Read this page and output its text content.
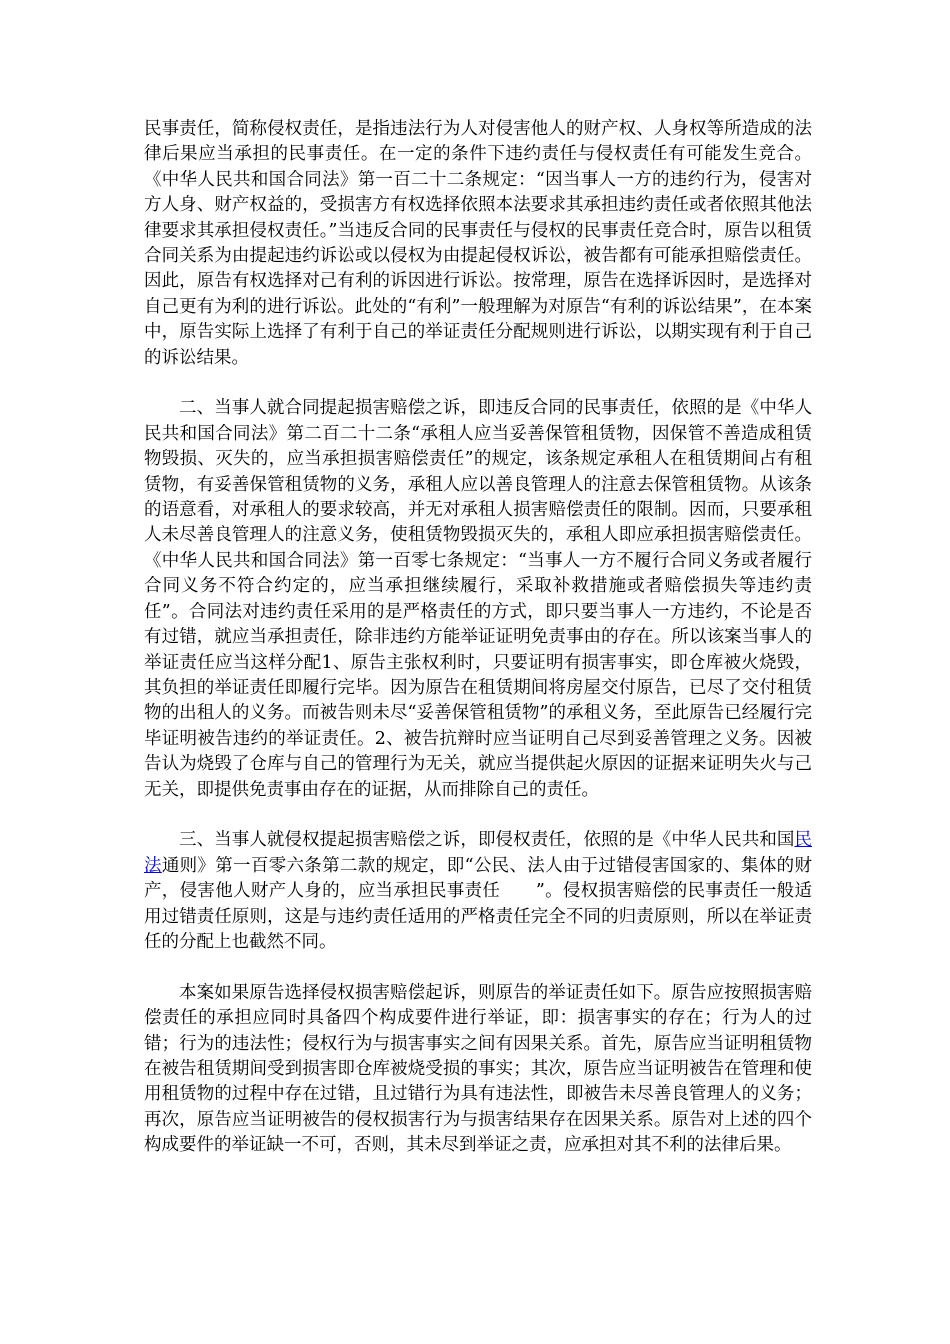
民事责任，简称侵权责任，是指违法行为人对侵害他人的财产权、人身权等所造成的法律后果应当承担的民事责任。在一定的条件下违约责任与侵权责任有可能发生竞合。《中华人民共和国合同法》第一百二十二条规定：“因当事人一方的违约行为，侵害对方人身、财产权益的，受损害方有权选择依照本法要求其承担违约责任或者依照其他法律要求其承担侵权责任。”当违反合同的民事责任与侵权的民事责任竞合时，原告以租赁合同关系为由提起违约诉讼或以侵权为由提起侵权诉讼，被告都有可能承担赔偿责任。因此，原告有权选择对己有利的诉因进行诉讼。按常理，原告在选择诉因时，是选择对自己更有为利的进行诉讼。此处的“有利”一般理解为对原告“有利的诉讼结果”，在本案中，原告实际上选择了有利于自己的举证责任分配规则进行诉讼，以期实现有利于自己的诉讼结果。

二、当事人就合同提起损害赔偿之诉，即违反合同的民事责任，依照的是《中华人民共和国合同法》第二百二十二条“承租人应当妥善保管租赁物，因保管不善造成租赁物毁损、灭失的，应当承担损害赔偿责任”的规定，该条规定承租人在租赁期间占有租赁物，有妥善保管租赁物的义务，承租人应以善良管理人的注意去保管租赁物。从该条的语意看，对承租人的要求较高，并无对承租人损害赔偿责任的限制。因而，只要承租人未尽善良管理人的注意义务，使租赁物毁损灭失的，承租人即应承担损害赔偿责任。《中华人民共和国合同法》第一百零七条规定：“当事人一方不履行合同义务或者履行合同义务不符合约定的，应当承担继续履行，采取补救措施或者赔偿损失等违约责任”。合同法对违约责任采用的是严格责任的方式，即只要当事人一方违约，不论是否有过错，就应当承担责任，除非违约方能举证证明免责事由的存在。所以该案当事人的举证责任应当这样分配1、原告主张权利时，只要证明有损害事实，即仓库被火烧毁，其负担的举证责任即履行完毕。因为原告在租赁期间将房屋交付原告，已尽了交付租赁物的出租人的义务。而被告则未尽“妥善保管租赁物”的承租义务，至此原告已经履行完毕证明被告违约的举证责任。2、被告抗辩时应当证明自己尽到妥善管理之义务。因被告认为烧毁了仓库与自己的管理行为无关，就应当提供起火原因的证据来证明失火与己无关，即提供免责事由存在的证据，从而排除自己的责任。

三、当事人就侵权提起损害赔偿之诉，即侵权责任，依照的是《中华人民共和国民法通则》第一百零六条第二款的规定，即“公民、法人由于过错侵害国家的、集体的财产，侵害他人财产人身的，应当承担民事责任　　”。侵权损害赔偿的民事责任一般适用过错责任原则，这是与违约责任适用的严格责任完全不同的归责原则，所以在举证责任的分配上也截然不同。

本案如果原告选择侵权损害赔偿起诉，则原告的举证责任如下。原告应按照损害赔偿责任的承担应同时具备四个构成要件进行举证，即：损害事实的存在；行为人的过错；行为的违法性；侵权行为与损害事实之间有因果关系。首先，原告应当证明租赁物在被告租赁期间受到损害即仓库被烧受损的事实；其次，原告应当证明被告在管理和使用租赁物的过程中存在过错，且过错行为具有违法性，即被告未尽善良管理人的义务；再次，原告应当证明被告的侵权损害行为与损害结果存在因果关系。原告对上述的四个构成要件的举证缺一不可，否则，其未尽到举证之责，应承担对其不利的法律后果。
